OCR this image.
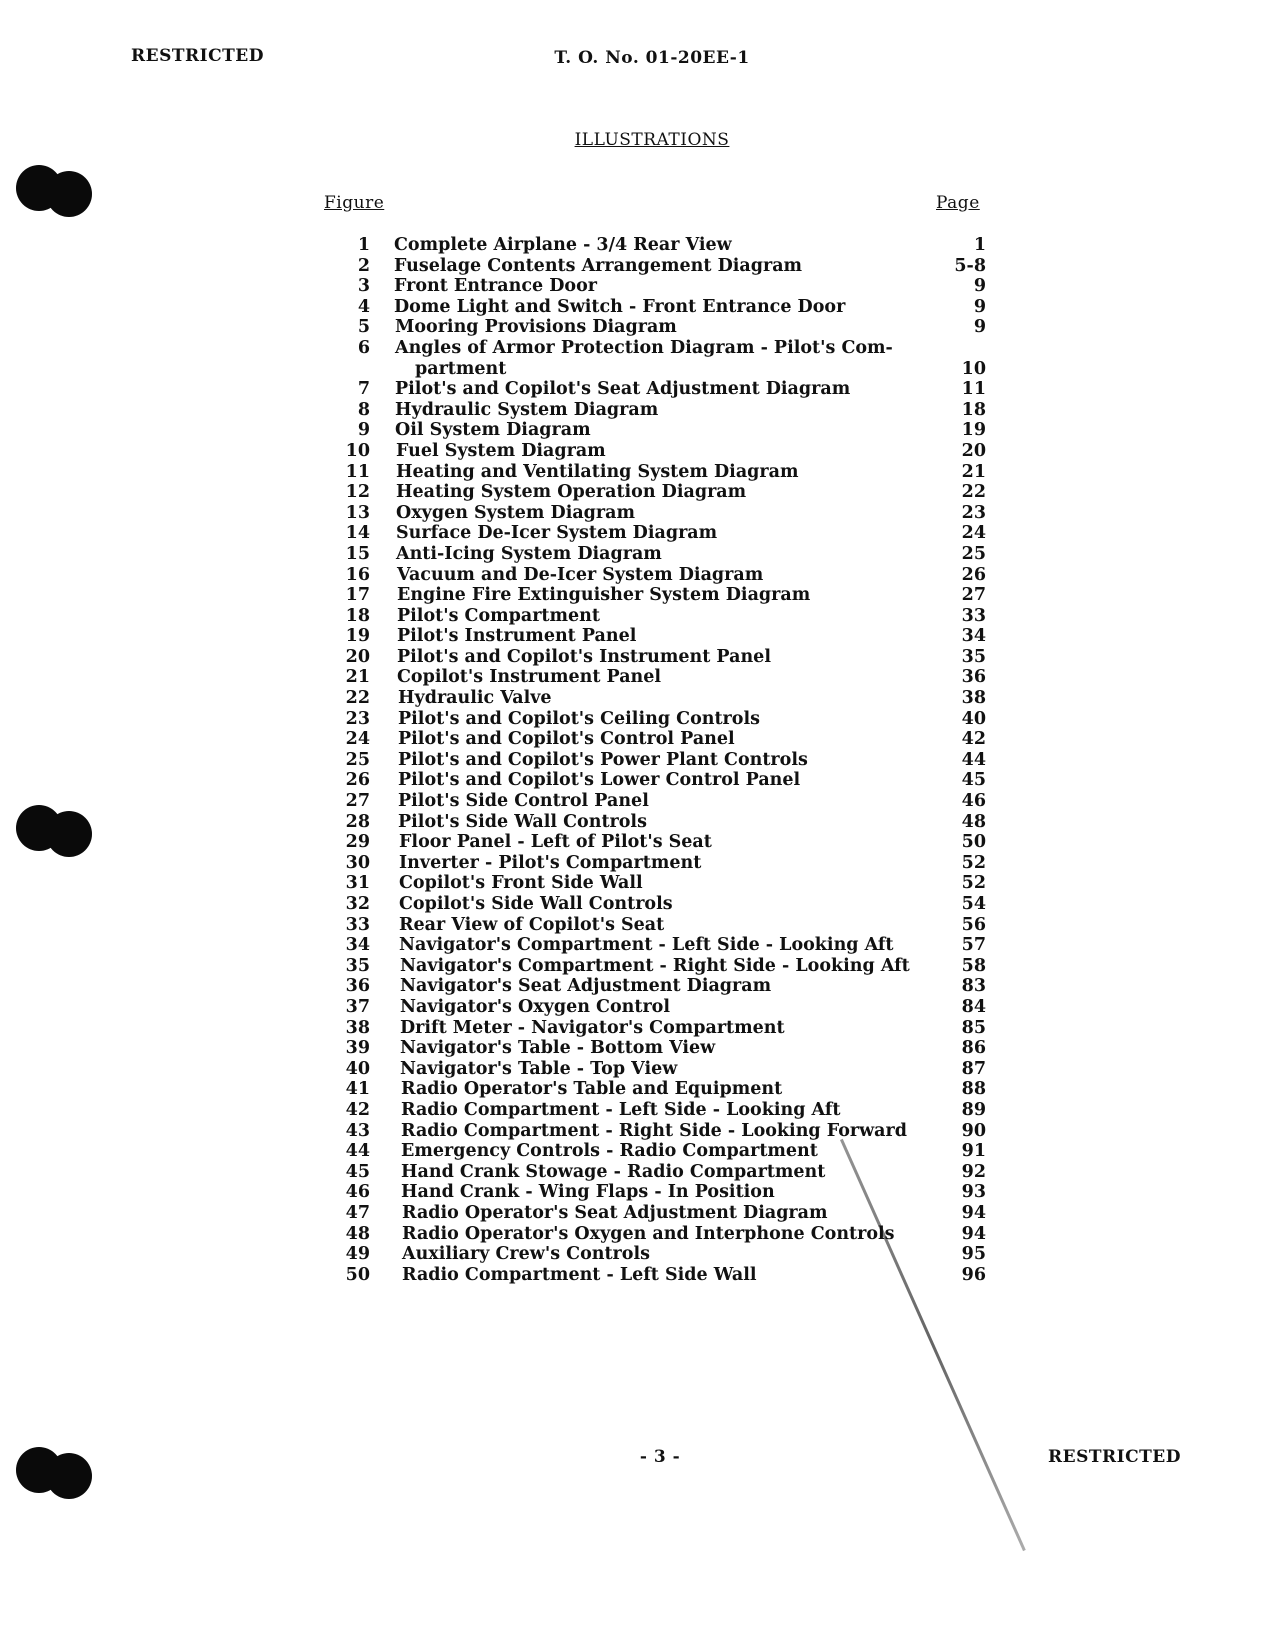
RESTRICTED	T. O. No. 01-20EE-1
ILLUSTRATIONS
Figure	Page
1 Complete Airplane - 3/4 Rear View	1
2 Fuselage Contents Arrangement Diagram	5-8
3 Front Entrance Door	9
4 Dome Light and Switch - Front Entrance Door	9
5 Mooring Provisions Diagram	9
6 Angles of Armor Protection Diagram - Pilot's Com-
partment	10
7 Pilot's and Copilot's Seat Adjustment Diagram	11
8 Hydraulic System Diagram	18
9 Oil System Diagram	19
10 Fuel System Diagram	20
11 Heating and Ventilating System Diagram	21
12 Heating System Operation Diagram	22
13 Oxygen System Diagram	23
14 Surface De-Icer System Diagram	24
15 Anti-Icing System Diagram	25
16 Vacuum and De-Icer System Diagram	26
17 Engine Fire Extinguisher System Diagram	27
18 Pilot's Compartment	33
19 Pilot's Instrument Panel	34
20 Pilot's and Copilot's Instrument Panel	35
21 Copilot's Instrument Panel	36
22 Hydraulic Valve	38
23 Pilot's and Copilot's Ceiling Controls	40
24 Pilot's and Copilot's Control Panel	42
25 Pilot's and Copilot's Power Plant Controls	44
26 Pilot's and Copilot's Lower Control Panel	45
27 Pilot's Side Control Panel	46
28 Pilot's Side Wall Controls	48
29 Floor Panel - Left of Pilot's Seat	50
30 Inverter - Pilot's Compartment	52
31 Copilot's Front Side Wall	52
32 Copilot's Side Wall Controls	54
33 Rear View of Copilot's Seat	56
34 Navigator's Compartment - Left Side - Looking Aft	57
35 Navigator's Compartment - Right Side - Looking Aft	58
36 Navigator's Seat Adjustment Diagram	83
37 Navigator's Oxygen Control	84
38 Drift Meter - Navigator's Compartment	85
39 Navigator's Table - Bottom View	86
40 Navigator's Table - Top View	87
41 Radio Operator's Table and Equipment	88
42 Radio Compartment - Left Side - Looking Aft	89
43 Radio Compartment - Right Side - Looking Forward	90
44 Emergency Controls - Radio Compartment	91
45 Hand Crank Stowage - Radio Compartment	92
46 Hand Crank - Wing Flaps - In Position	93
47 Radio Operator's Seat Adjustment Diagram	94
48 Radio Operator's Oxygen and Interphone Controls	94
49 Auxiliary Crew's Controls	95
50 Radio Compartment - Left Side Wall	96
- 3 -	RESTRICTED
